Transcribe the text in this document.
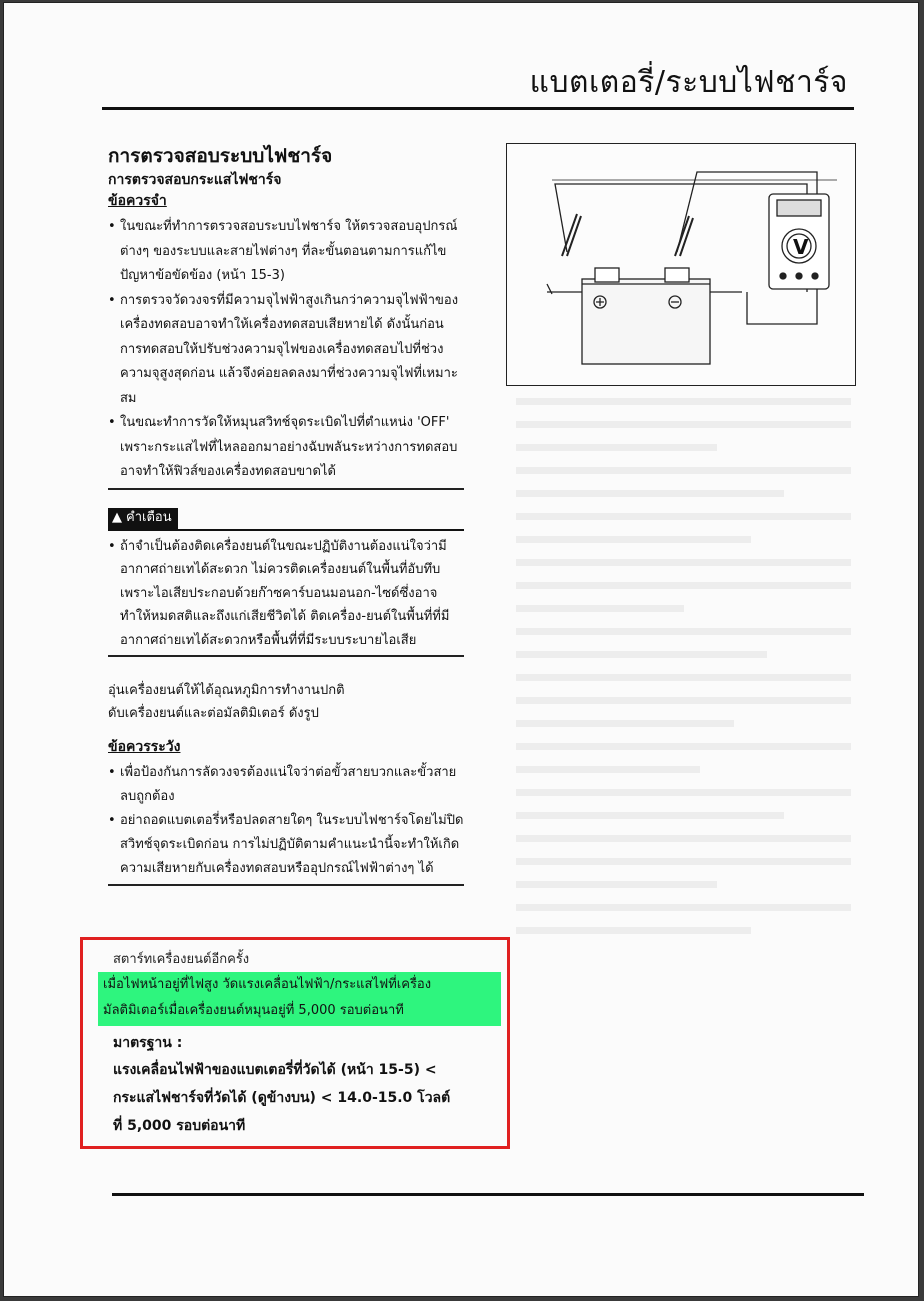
แบตเตอรี่/ระบบไฟชาร์จ
การตรวจสอบระบบไฟชาร์จ
การตรวจสอบกระแสไฟชาร์จ
ข้อควรจำ
• ในขณะที่ทำการตรวจสอบระบบไฟชาร์จ ให้ตรวจสอบอุปกรณ์ต่างๆ ของระบบและสายไฟต่างๆ ที่ละขั้นตอนตามการแก้ไขปัญหาข้อขัดข้อง (หน้า 15-3)
• การตรวจวัดวงจรที่มีความจุไฟฟ้าสูงเกินกว่าความจุไฟฟ้าของเครื่องทดสอบอาจทำให้เครื่องทดสอบเสียหายได้ ดังนั้นก่อนการทดสอบให้ปรับช่วงความจุไฟของเครื่องทดสอบไปที่ช่วงความจุสูงสุดก่อน แล้วจึงค่อยลดลงมาที่ช่วงความจุไฟที่เหมาะสม
• ในขณะทำการวัดให้หมุนสวิทช์จุดระเบิดไปที่ตำแหน่ง 'OFF' เพราะกระแสไฟที่ไหลออกมาอย่างฉับพลันระหว่างการทดสอบอาจทำให้ฟิวส์ของเครื่องทดสอบขาดได้
▲ คำเตือน
• ถ้าจำเป็นต้องติดเครื่องยนต์ในขณะปฏิบัติงานต้องแน่ใจว่ามีอากาศถ่ายเทได้สะดวก ไม่ควรติดเครื่องยนต์ในพื้นที่อับทึบเพราะไอเสียประกอบด้วยก๊าซคาร์บอนมอนอก-ไซด์ซึ่งอาจทำให้หมดสติและถึงแก่เสียชีวิตได้ ติดเครื่อง-ยนต์ในพื้นที่ที่มีอากาศถ่ายเทได้สะดวกหรือพื้นที่ที่มีระบบระบายไอเสีย
อุ่นเครื่องยนต์ให้ได้อุณหภูมิการทำงานปกติ
ดับเครื่องยนต์และต่อมัลติมิเตอร์ ดังรูป
ข้อควรระวัง
• เพื่อป้องกันการลัดวงจรต้องแน่ใจว่าต่อขั้วสายบวกและขั้วสายลบถูกต้อง
• อย่าถอดแบตเตอรี่หรือปลดสายใดๆ ในระบบไฟชาร์จโดยไม่ปิดสวิทช์จุดระเบิดก่อน การไม่ปฏิบัติตามคำแนะนำนี้จะทำให้เกิดความเสียหายกับเครื่องทดสอบหรืออุปกรณ์ไฟฟ้าต่างๆ ได้
สตาร์ทเครื่องยนต์อีกครั้ง
เมื่อไฟหน้าอยู่ที่ไฟสูง วัดแรงเคลื่อนไฟฟ้า/กระแสไฟที่เครื่อง
มัลติมิเตอร์เมื่อเครื่องยนต์หมุนอยู่ที่ 5,000 รอบต่อนาที
มาตรฐาน :
แรงเคลื่อนไฟฟ้าของแบตเตอรี่ที่วัดได้ (หน้า 15-5) <
กระแสไฟชาร์จที่วัดได้ (ดูข้างบน) < 14.0-15.0 โวลต์
ที่ 5,000 รอบต่อนาที
V
